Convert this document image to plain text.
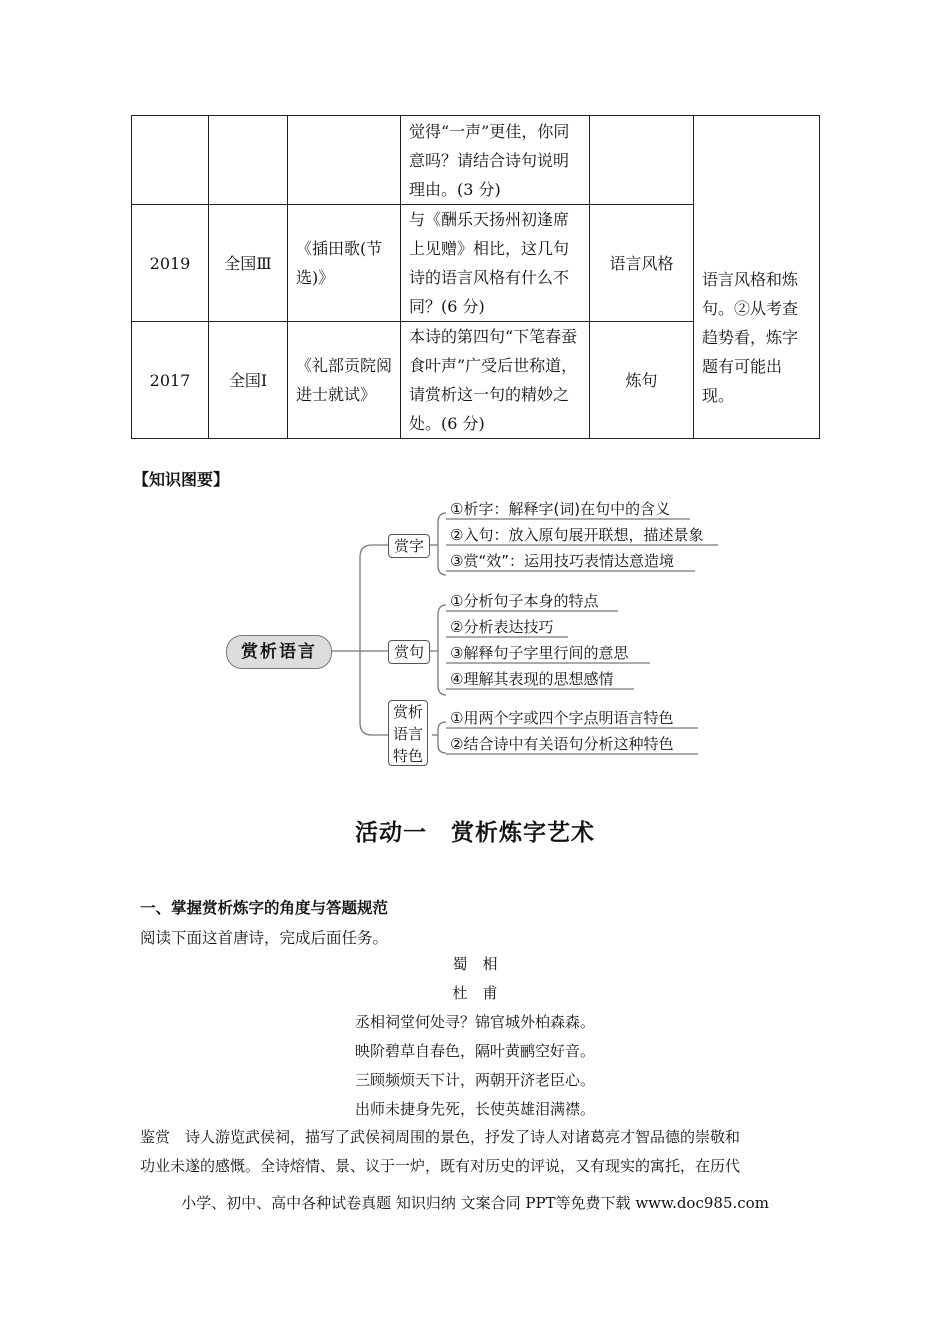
			觉得“一声”更佳，你同意吗？请结合诗句说明理由。(3 分)		语言风格和炼句。②从考查趋势看，炼字题有可能出现。
2019	全国Ⅲ	《插田歌(节选)》	与《酬乐天扬州初逢席上见赠》相比，这几句诗的语言风格有什么不同？(6 分)	语言风格	
2017	全国Ⅰ	《礼部贡院阅进士就试》	本诗的第四句“下笔春蚕食叶声”广受后世称道，请赏析这一句的精妙之处。(6 分)	炼句	
【知识图要】
赏析语言
赏字
赏句
赏析语言特色
①析字：解释字(词)在句中的含义
②入句：放入原句展开联想，描述景象
③赏“效”：运用技巧表情达意造境
①分析句子本身的特点
②分析表达技巧
③解释句子字里行间的意思
④理解其表现的思想感情
①用两个字或四个字点明语言特色
②结合诗中有关语句分析这种特色
活动一　赏析炼字艺术
一、掌握赏析炼字的角度与答题规范
阅读下面这首唐诗，完成后面任务。
蜀　相
杜　甫
丞相祠堂何处寻？锦官城外柏森森。
映阶碧草自春色，隔叶黄鹂空好音。
三顾频烦天下计，两朝开济老臣心。
出师未捷身先死，长使英雄泪满襟。
鉴赏　诗人游览武侯祠，描写了武侯祠周围的景色，抒发了诗人对诸葛亮才智品德的崇敬和
功业未遂的感慨。全诗熔情、景、议于一炉，既有对历史的评说，又有现实的寓托，在历代
小学、初中、高中各种试卷真题 知识归纳 文案合同 PPT等免费下载 www.doc985.com
